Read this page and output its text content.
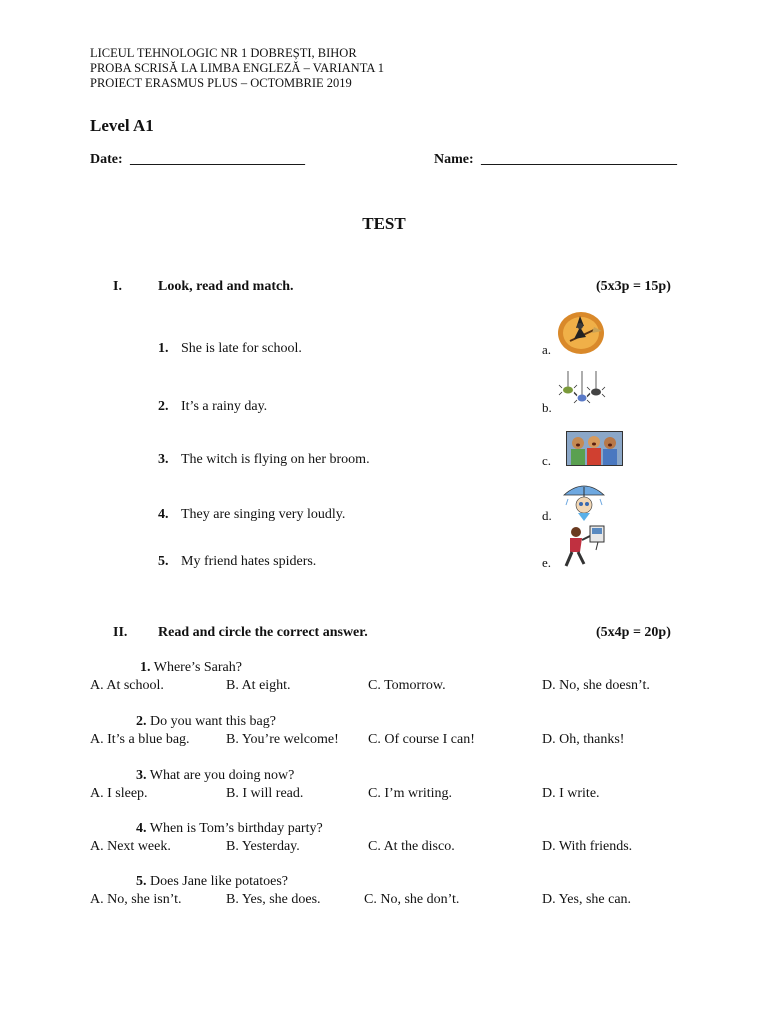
LICEUL TEHNOLOGIC NR 1 DOBREȘTI, BIHOR
PROBA SCRISĂ LA LIMBA ENGLEZĂ – VARIANTA 1
PROIECT ERASMUS PLUS – OCTOMBRIE 2019
Level A1
Date: _________________________	Name: ____________________________
TEST
I.	Look, read and match.	(5x3p = 15p)
1. She is late for school.	a.
2. It’s a rainy day.	b.
3. The witch is flying on her broom.	c.
4. They are singing very loudly.	d.
5. My friend hates spiders.	e.
II. Read and circle the correct answer.	(5x4p = 20p)
1. Where’s Sarah?
A. At school.	B. At eight.	C. Tomorrow.	D. No, she doesn’t.
2. Do you want this bag?
A. It’s a blue bag.	B. You’re welcome! C. Of course I can!	D. Oh, thanks!
3. What are you doing now?
A. I sleep.	B. I will read.	C. I’m writing.	D. I write.
4. When is Tom’s birthday party?
A. Next week.	B. Yesterday.	C. At the disco.	D. With friends.
5. Does Jane like potatoes?
A. No, she isn’t.	B. Yes, she does.	C. No, she don’t.	D. Yes, she can.
